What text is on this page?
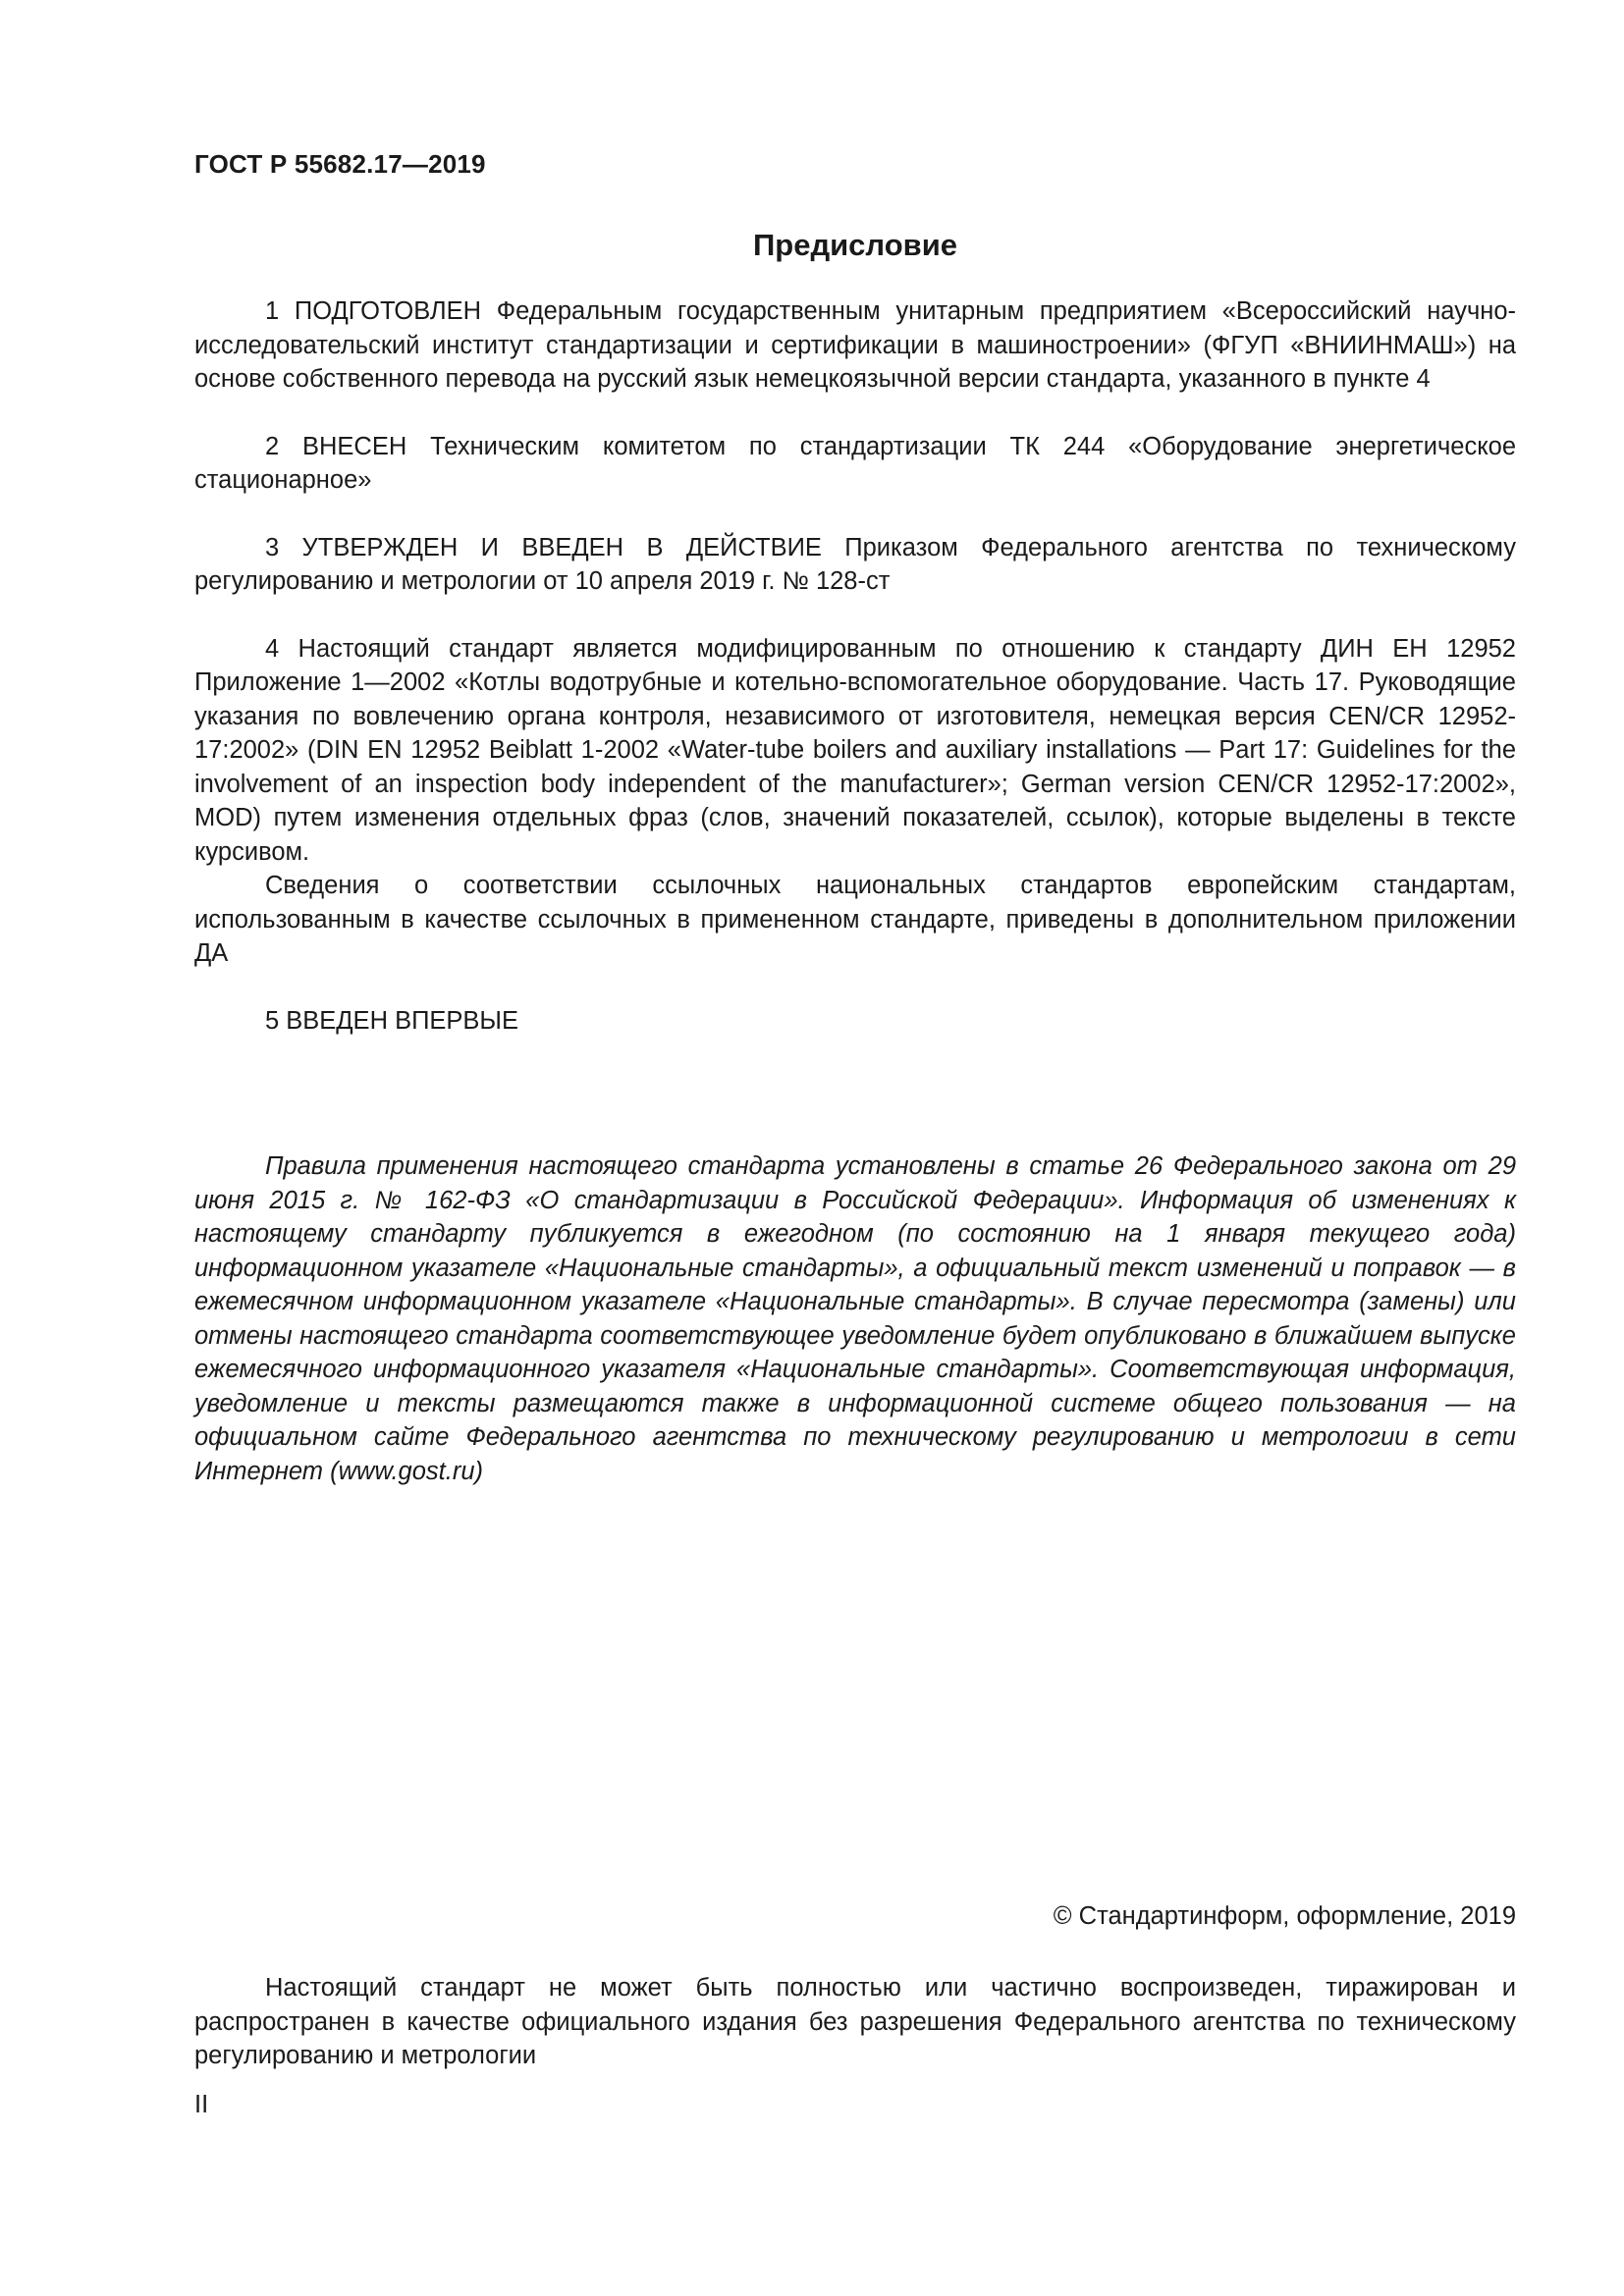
ГОСТ Р 55682.17—2019
Предисловие

1 ПОДГОТОВЛЕН Федеральным государственным унитарным предприятием «Всероссийский научно-исследовательский институт стандартизации и сертификации в машиностроении» (ФГУП «ВНИИНМАШ») на основе собственного перевода на русский язык немецкоязычной версии стандарта, указанного в пункте 4

2 ВНЕСЕН Техническим комитетом по стандартизации ТК 244 «Оборудование энергетическое стационарное»

3 УТВЕРЖДЕН И ВВЕДЕН В ДЕЙСТВИЕ Приказом Федерального агентства по техническому регулированию и метрологии от 10 апреля 2019 г. № 128-ст

4 Настоящий стандарт является модифицированным по отношению к стандарту ДИН ЕН 12952 Приложение 1—2002 «Котлы водотрубные и котельно-вспомогательное оборудование. Часть 17. Руководящие указания по вовлечению органа контроля, независимого от изготовителя, немецкая версия CEN/CR 12952-17:2002» (DIN EN 12952 Beiblatt 1-2002 «Water-tube boilers and auxiliary installations — Part 17: Guidelines for the involvement of an inspection body independent of the manufacturer»; German version CEN/CR 12952-17:2002», MOD) путем изменения отдельных фраз (слов, значений показателей, ссылок), которые выделены в тексте курсивом.

Сведения о соответствии ссылочных национальных стандартов европейским стандартам, использованным в качестве ссылочных в примененном стандарте, приведены в дополнительном приложении ДА

5 ВВЕДЕН ВПЕРВЫЕ

Правила применения настоящего стандарта установлены в статье 26 Федерального закона от 29 июня 2015 г. № 162-ФЗ «О стандартизации в Российской Федерации». Информация об изменениях к настоящему стандарту публикуется в ежегодном (по состоянию на 1 января текущего года) информационном указателе «Национальные стандарты», а официальный текст изменений и поправок — в ежемесячном информационном указателе «Национальные стандарты». В случае пересмотра (замены) или отмены настоящего стандарта соответствующее уведомление будет опубликовано в ближайшем выпуске ежемесячного информационного указателя «Национальные стандарты». Соответствующая информация, уведомление и тексты размещаются также в информационной системе общего пользования — на официальном сайте Федерального агентства по техническому регулированию и метрологии в сети Интернет (www.gost.ru)

© Стандартинформ, оформление, 2019

Настоящий стандарт не может быть полностью или частично воспроизведен, тиражирован и распространен в качестве официального издания без разрешения Федерального агентства по техническому регулированию и метрологии

II
